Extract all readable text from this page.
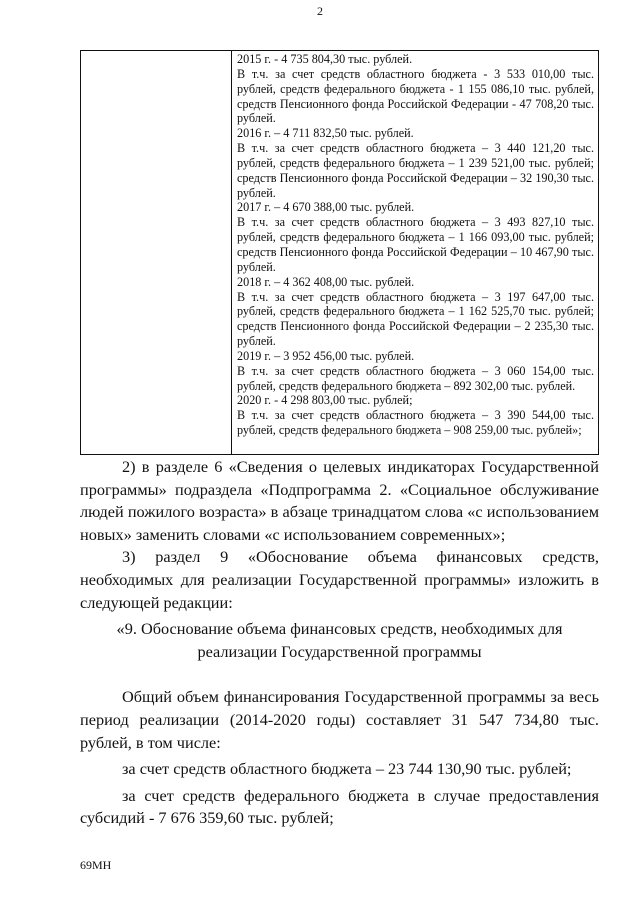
2

2015 г. - 4 735 804,30 тыс. рублей.

В т.ч. за счет средств областного бюджета - 3 533 010,00 тыс. рублей, средств федерального бюджета - 1 155 086,10 тыс. рублей, средств Пенсионного фонда Российской Федерации - 47 708,20 тыс. рублей.

2016 г. – 4 711 832,50 тыс. рублей.

В т.ч. за счет средств областного бюджета – 3 440 121,20 тыс. рублей, средств федерального бюджета – 1 239 521,00 тыс. рублей; средств Пенсионного фонда Российской Федерации – 32 190,30 тыс. рублей.

2017 г. – 4 670 388,00 тыс. рублей.

В т.ч. за счет средств областного бюджета – 3 493 827,10 тыс. рублей, средств федерального бюджета – 1 166 093,00 тыс. рублей; средств Пенсионного фонда Российской Федерации – 10 467,90 тыс. рублей.

2018 г. – 4 362 408,00 тыс. рублей.

В т.ч. за счет средств областного бюджета – 3 197 647,00 тыс. рублей, средств федерального бюджета – 1 162 525,70 тыс. рублей; средств Пенсионного фонда Российской Федерации – 2 235,30 тыс. рублей.

2019 г. – 3 952 456,00 тыс. рублей.

В т.ч. за счет средств областного бюджета – 3 060 154,00 тыс. рублей, средств федерального бюджета – 892 302,00 тыс. рублей.

2020 г. - 4 298 803,00 тыс. рублей;

В т.ч. за счет средств областного бюджета – 3 390 544,00 тыс. рублей, средств федерального бюджета – 908 259,00 тыс. рублей»;

2) в разделе 6 «Сведения о целевых индикаторах Государственной программы» подраздела «Подпрограмма 2. «Социальное обслуживание людей пожилого возраста» в абзаце тринадцатом слова «с использованием новых» заменить словами «с использованием современных»;

3) раздел 9 «Обоснование объема финансовых средств, необходимых для реализации Государственной программы» изложить в следующей редакции:

«9. Обоснование объема финансовых средств, необходимых для

реализации Государственной программы

Общий объем финансирования Государственной программы за весь период реализации (2014-2020 годы) составляет 31 547 734,80 тыс. рублей, в том числе:

за счет средств областного бюджета – 23 744 130,90 тыс. рублей;

за счет средств федерального бюджета в случае предоставления субсидий - 7 676 359,60 тыс. рублей;

69МН
